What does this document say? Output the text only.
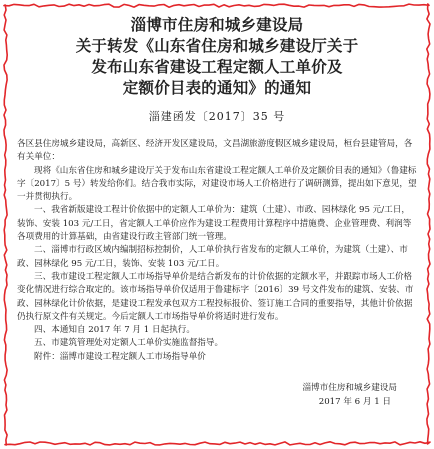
淄博市住房和城乡建设局
关于转发《山东省住房和城乡建设厅关于
发布山东省建设工程定额人工单价及
定额价目表的通知》的通知
淄建函发〔2017〕35 号

各区县住房城乡建设局，高新区、经济开发区建设局，文昌湖旅游度假区城乡建设局，桓台县建管局，各有关单位：

现将《山东省住房和城乡建设厅关于发布山东省建设工程定额人工单价及定额价目表的通知》（鲁建标字〔2017〕5 号）转发给你们。结合我市实际，对建设市场人工价格进行了调研测算，提出如下意见，望一并贯彻执行。

一、我省新版建设工程计价依据中的定额人工单价为：建筑（土建）、市政、园林绿化 95 元/工日，装饰、安装 103 元/工日，省定额人工单价应作为建设工程费用计算程序中措施费、企业管理费、利润等各项费用的计算基础，由省建设行政主管部门统一管理。

二、淄博市行政区域内编制招标控制价，人工单价执行省发布的定额人工单价，为建筑（土建）、市政、园林绿化 95 元/工日，装饰、安装 103 元/工日。

三、我市建设工程定额人工市场指导单价是结合新发布的计价依据的定额水平，并跟踪市场人工价格变化情况进行综合取定的。该市场指导单价仅适用于鲁建标字〔2016〕39 号文件发布的建筑、安装、市政、园林绿化计价依据，是建设工程发承包双方工程投标报价、签订施工合同的重要指导，其他计价依据仍执行原文件有关规定。今后定额人工市场指导单价将适时进行发布。

四、本通知自 2017 年 7 月 1 日起执行。

五、市建筑管理处对定额人工单价实施监督指导。

附件：淄博市建设工程定额人工市场指导单价

淄博市住房和城乡建设局
2017 年 6 月 1 日
